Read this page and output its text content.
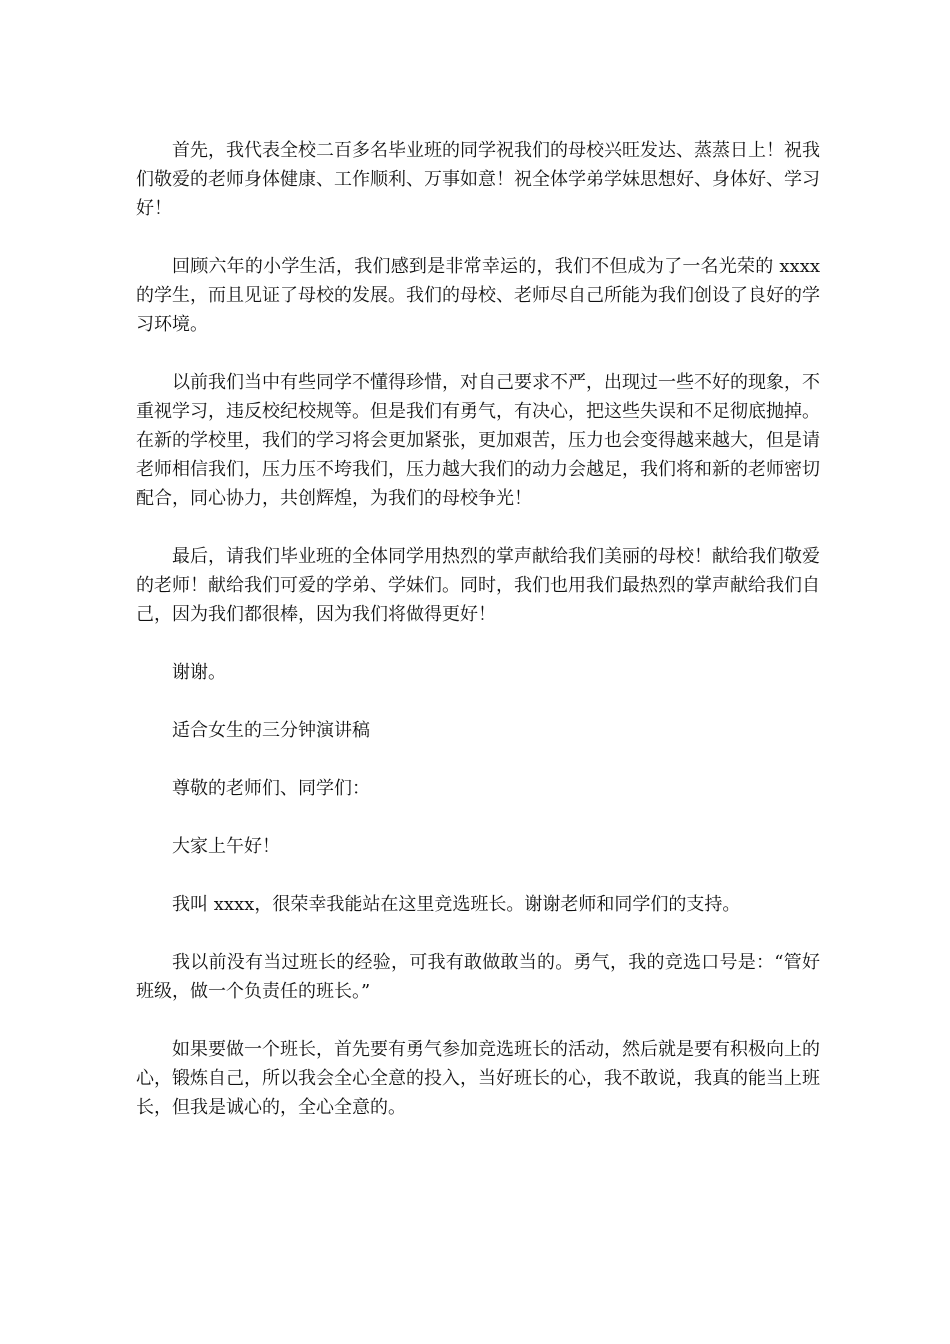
首先，我代表全校二百多名毕业班的同学祝我们的母校兴旺发达、蒸蒸日上！祝我们敬爱的老师身体健康、工作顺利、万事如意！祝全体学弟学妹思想好、身体好、学习好！

回顾六年的小学生活，我们感到是非常幸运的，我们不但成为了一名光荣的 xxxx 的学生，而且见证了母校的发展。我们的母校、老师尽自己所能为我们创设了良好的学习环境。

以前我们当中有些同学不懂得珍惜，对自己要求不严，出现过一些不好的现象，不重视学习，违反校纪校规等。但是我们有勇气，有决心，把这些失误和不足彻底抛掉。在新的学校里，我们的学习将会更加紧张，更加艰苦，压力也会变得越来越大，但是请老师相信我们，压力压不垮我们，压力越大我们的动力会越足，我们将和新的老师密切配合，同心协力，共创辉煌，为我们的母校争光！

最后，请我们毕业班的全体同学用热烈的掌声献给我们美丽的母校！献给我们敬爱的老师！献给我们可爱的学弟、学妹们。同时，我们也用我们最热烈的掌声献给我们自己，因为我们都很棒，因为我们将做得更好！

谢谢。

适合女生的三分钟演讲稿

尊敬的老师们、同学们：

大家上午好！

我叫 xxxx，很荣幸我能站在这里竞选班长。谢谢老师和同学们的支持。

我以前没有当过班长的经验，可我有敢做敢当的。勇气，我的竞选口号是：“管好班级，做一个负责任的班长。”

如果要做一个班长，首先要有勇气参加竞选班长的活动，然后就是要有积极向上的心，锻炼自己，所以我会全心全意的投入，当好班长的心，我不敢说，我真的能当上班长，但我是诚心的，全心全意的。
